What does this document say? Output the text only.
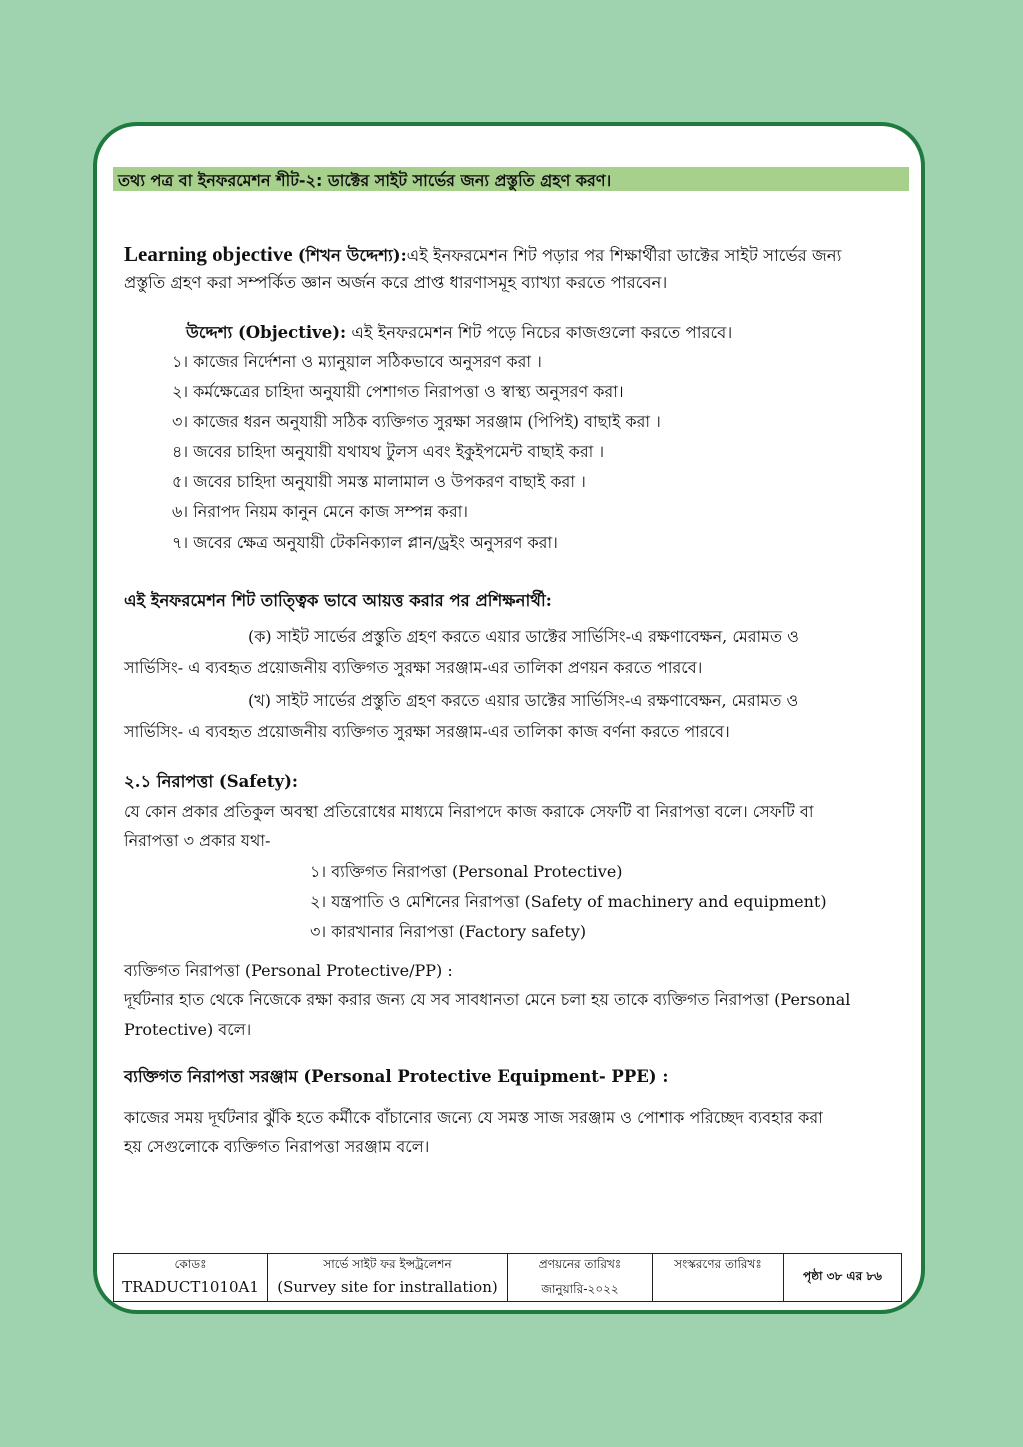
তথ্য পত্র বা ইনফরমেশন শীট-২: ডাক্টের সাইট সার্ভের জন্য প্রস্তুতি গ্রহণ করণ।
Learning objective (শিখন উদ্দেশ্য):এই ইনফরমেশন শিট পড়ার পর শিক্ষার্থীরা ডাক্টের সাইট সার্ভের জন্য
প্রস্তুতি গ্রহণ করা সম্পর্কিত জ্ঞান অর্জন করে প্রাপ্ত ধারণাসমূহ ব্যাখ্যা করতে পারবেন।
উদ্দেশ্য (Objective): এই ইনফরমেশন শিট পড়ে নিচের কাজগুলো করতে পারবে।
১। কাজের নির্দেশনা ও ম্যানুয়াল সঠিকভাবে অনুসরণ করা ।
২। কর্মক্ষেত্রের চাহিদা অনুযায়ী পেশাগত নিরাপত্তা ও স্বাস্থ্য অনুসরণ করা।
৩। কাজের ধরন অনুযায়ী সঠিক ব্যক্তিগত সুরক্ষা সরঞ্জাম (পিপিই) বাছাই করা ।
৪। জবের চাহিদা অনুযায়ী যথাযথ টুলস এবং ইকুইপমেন্ট বাছাই করা ।
৫। জবের চাহিদা অনুযায়ী সমস্ত মালামাল ও উপকরণ বাছাই করা ।
৬। নিরাপদ নিয়ম কানুন মেনে কাজ সম্পন্ন করা।
৭। জবের ক্ষেত্র অনুযায়ী টেকনিক্যাল প্লান/ড্রইং অনুসরণ করা।
এই ইনফরমেশন শিট তাত্ত্বিক ভাবে আয়ত্ত করার পর প্রশিক্ষনার্থী:
(ক) সাইট সার্ভের প্রস্তুতি গ্রহণ করতে এয়ার ডাক্টের সার্ভিসিং-এ রক্ষণাবেক্ষন, মেরামত ও
সার্ভিসিং- এ ব্যবহৃত প্রয়োজনীয় ব্যক্তিগত সুরক্ষা সরঞ্জাম-এর তালিকা প্রণয়ন করতে পারবে।
(খ) সাইট সার্ভের প্রস্তুতি গ্রহণ করতে এয়ার ডাক্টের সার্ভিসিং-এ রক্ষণাবেক্ষন, মেরামত ও
সার্ভিসিং- এ ব্যবহৃত প্রয়োজনীয় ব্যক্তিগত সুরক্ষা সরঞ্জাম-এর তালিকা কাজ বর্ণনা করতে পারবে।
২.১ নিরাপত্তা (Safety):
যে কোন প্রকার প্রতিকুল অবস্থা প্রতিরোধের মাধ্যমে নিরাপদে কাজ করাকে সেফটি বা নিরাপত্তা বলে। সেফটি বা
নিরাপত্তা ৩ প্রকার যথা-
১। ব্যক্তিগত নিরাপত্তা (Personal Protective)
২। যন্ত্রপাতি ও মেশিনের নিরাপত্তা (Safety of machinery and equipment)
৩। কারখানার নিরাপত্তা (Factory safety)
ব্যক্তিগত নিরাপত্তা (Personal Protective/PP) :
দূর্ঘটনার হাত থেকে নিজেকে রক্ষা করার জন্য যে সব সাবধানতা মেনে চলা হয় তাকে ব্যক্তিগত নিরাপত্তা (Personal
Protective) বলে।
ব্যক্তিগত নিরাপত্তা সরঞ্জাম (Personal Protective Equipment- PPE) :
কাজের সময় দূর্ঘটনার ঝুঁকি হতে কর্মীকে বাঁচানোর জন্যে যে সমস্ত সাজ সরঞ্জাম ও পোশাক পরিচ্ছেদ ব্যবহার করা
হয় সেগুলোকে ব্যক্তিগত নিরাপত্তা সরঞ্জাম বলে।
কোডঃ
TRADUCT1010A1
সার্ভে সাইট ফর ইন্সট্রলেশন
(Survey site for instrallation)
প্রণয়নের তারিখঃ
জানুয়ারি-২০২২
সংস্করণের তারিখঃ
পৃষ্ঠা ৩৮ এর ৮৬
